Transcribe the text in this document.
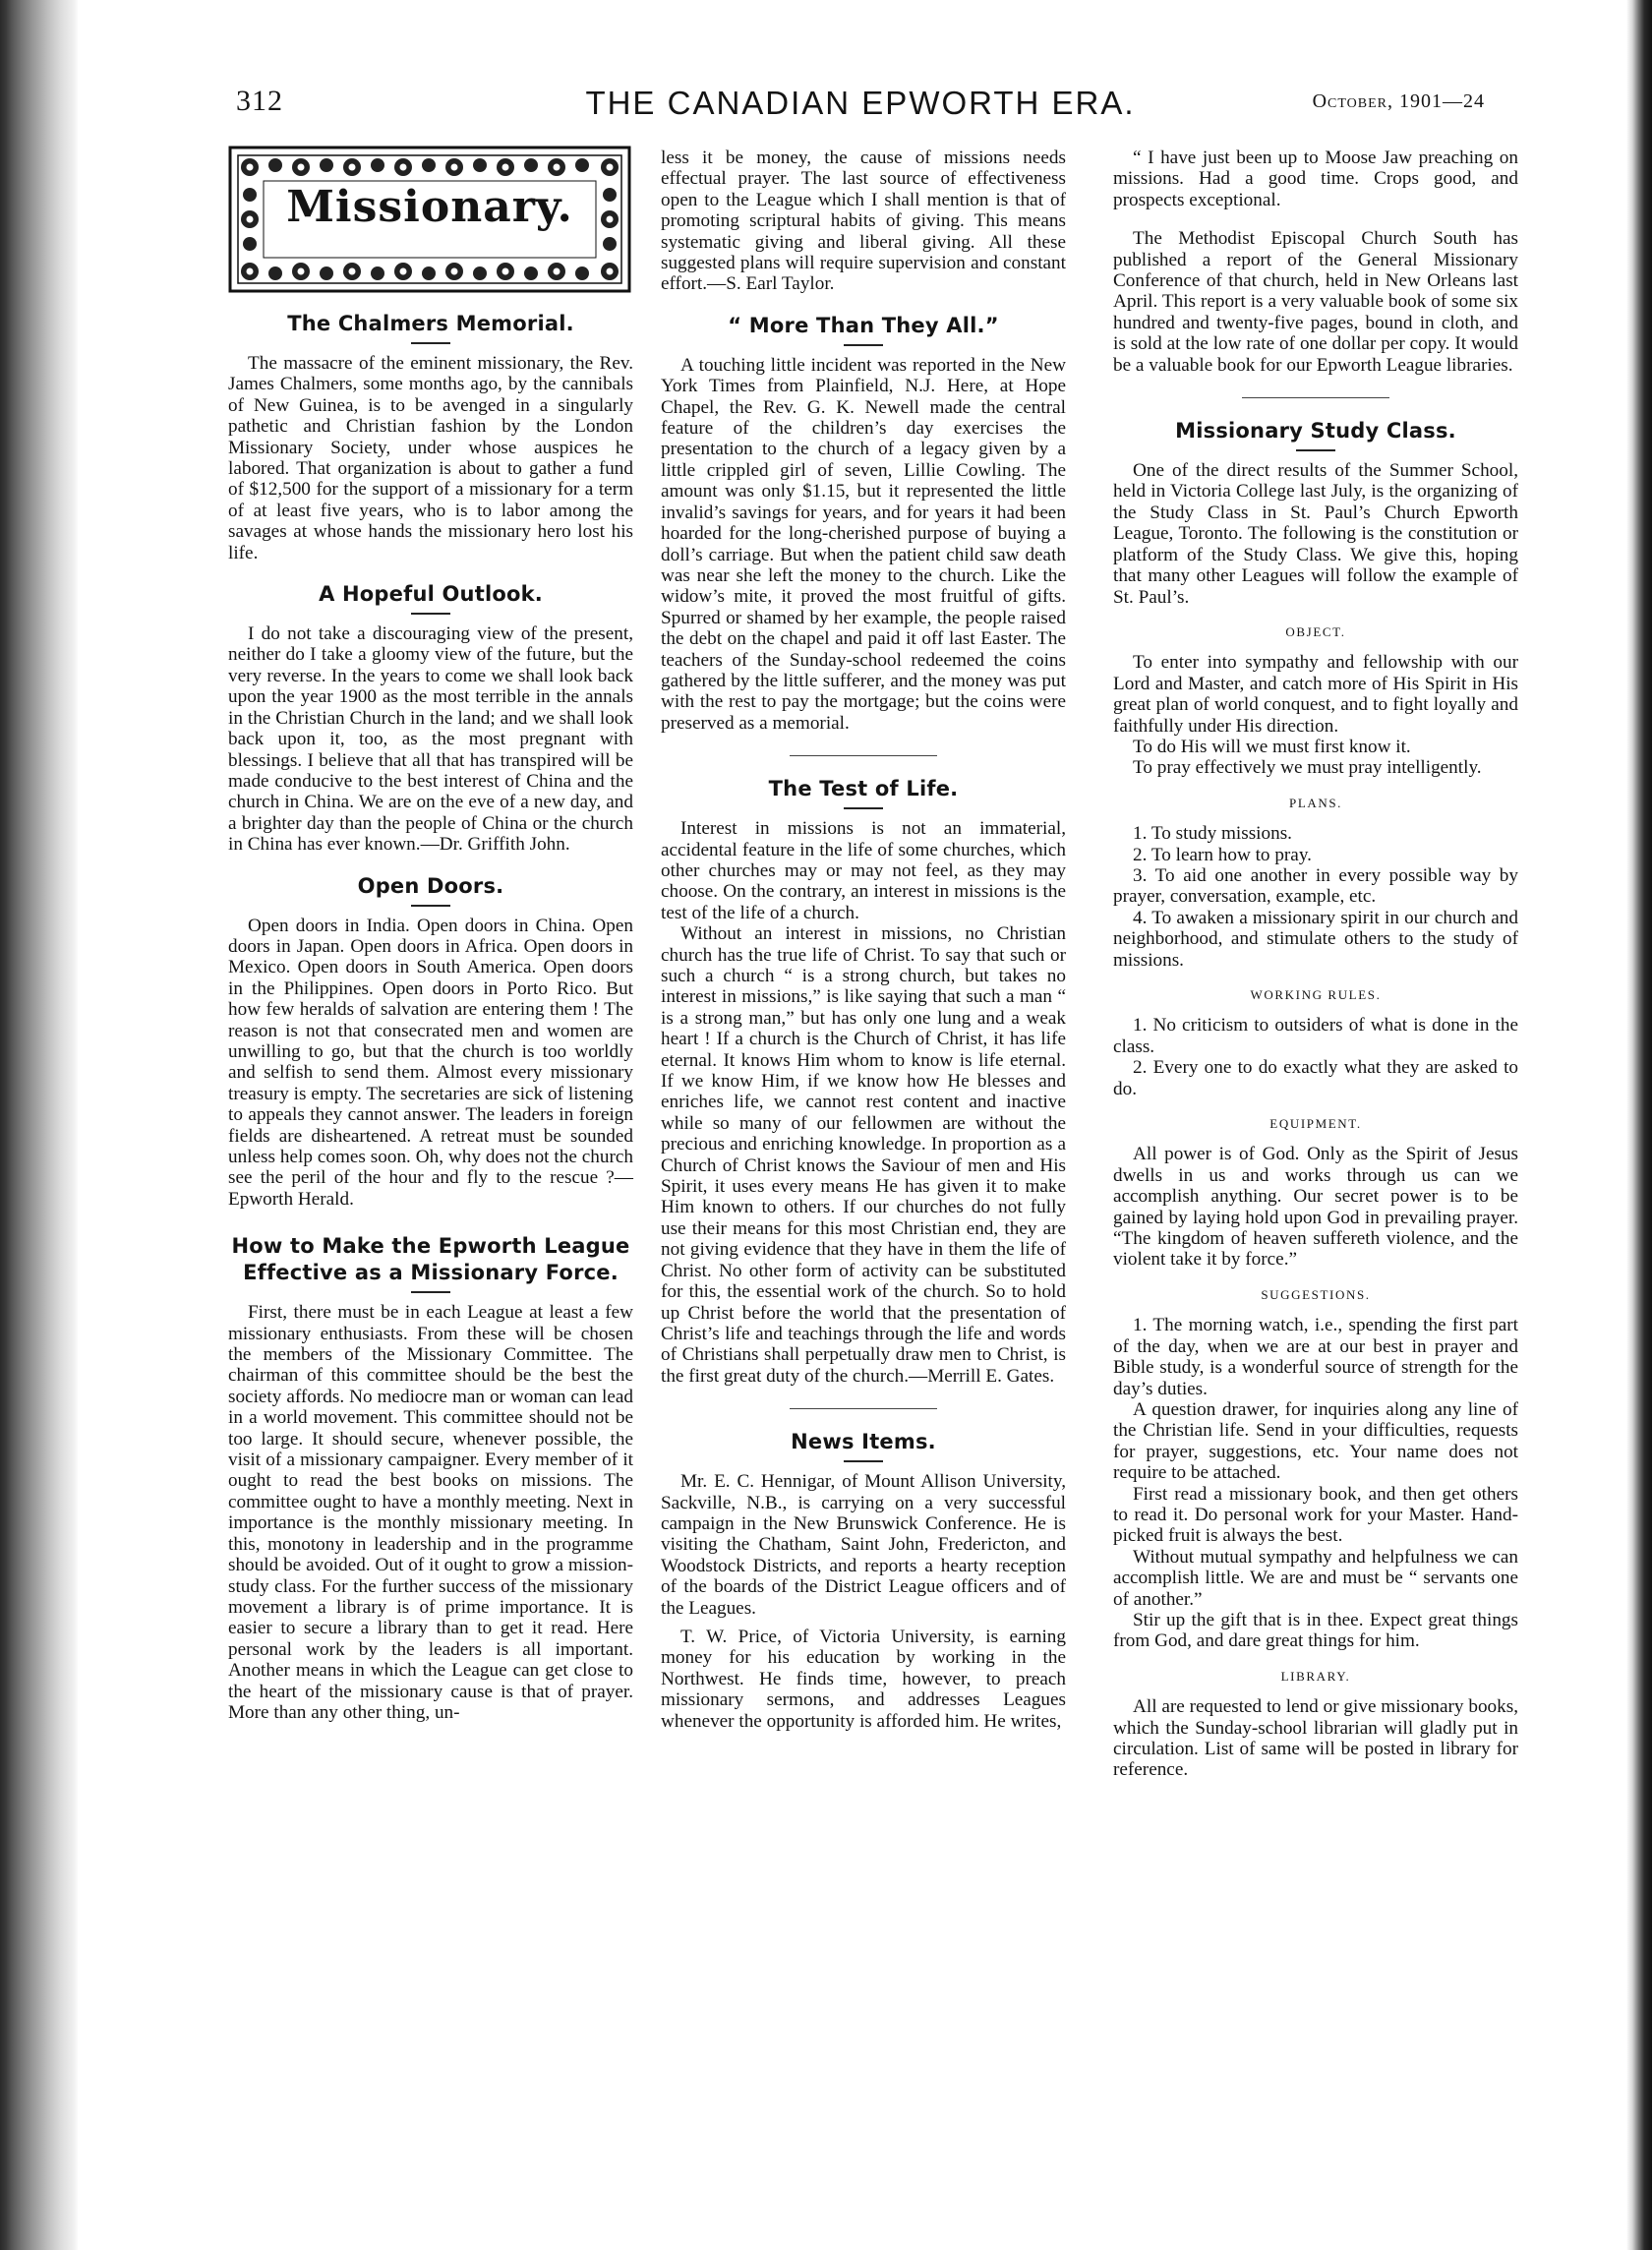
312	THE CANADIAN EPWORTH ERA.	October, 1901—24
Missionary.
The Chalmers Memorial.

The massacre of the eminent missionary, the Rev. James Chalmers, some months ago, by the cannibals of New Guinea, is to be avenged in a singularly pathetic and Christian fashion by the London Missionary Society, under whose auspices he labored. That organization is about to gather a fund of $12,500 for the support of a missionary for a term of at least five years, who is to labor among the savages at whose hands the missionary hero lost his life.

A Hopeful Outlook.

I do not take a discouraging view of the present, neither do I take a gloomy view of the future, but the very reverse. In the years to come we shall look back upon the year 1900 as the most terrible in the annals in the Christian Church in the land; and we shall look back upon it, too, as the most pregnant with blessings. I believe that all that has transpired will be made conducive to the best interest of China and the church in China. We are on the eve of a new day, and a brighter day than the people of China or the church in China has ever known.—Dr. Griffith John.

Open Doors.

Open doors in India. Open doors in China. Open doors in Japan. Open doors in Africa. Open doors in Mexico. Open doors in South America. Open doors in the Philippines. Open doors in Porto Rico. But how few heralds of salvation are entering them ! The reason is not that consecrated men and women are unwilling to go, but that the church is too worldly and selfish to send them. Almost every missionary treasury is empty. The secretaries are sick of listening to appeals they cannot answer. The leaders in foreign fields are disheartened. A retreat must be sounded unless help comes soon. Oh, why does not the church see the peril of the hour and fly to the rescue ?—Epworth Herald.

How to Make the Epworth League
Effective as a Missionary Force.

First, there must be in each League at least a few missionary enthusiasts. From these will be chosen the members of the Missionary Committee. The chairman of this committee should be the best the society affords. No mediocre man or woman can lead in a world movement. This committee should not be too large. It should secure, whenever possible, the visit of a missionary campaigner. Every member of it ought to read the best books on missions. The committee ought to have a monthly meeting. Next in importance is the monthly missionary meeting. In this, monotony in leadership and in the programme should be avoided. Out of it ought to grow a mission-study class. For the further success of the missionary movement a library is of prime importance. It is easier to secure a library than to get it read. Here personal work by the leaders is all important. Another means in which the League can get close to the heart of the missionary cause is that of prayer. More than any other thing, un-

less it be money, the cause of missions needs effectual prayer. The last source of effectiveness open to the League which I shall mention is that of promoting scriptural habits of giving. This means systematic giving and liberal giving. All these suggested plans will require supervision and constant effort.—S. Earl Taylor.

“ More Than They All.”

A touching little incident was reported in the New York Times from Plainfield, N.J. Here, at Hope Chapel, the Rev. G. K. Newell made the central feature of the children’s day exercises the presentation to the church of a legacy given by a little crippled girl of seven, Lillie Cowling. The amount was only $1.15, but it represented the little invalid’s savings for years, and for years it had been hoarded for the long-cherished purpose of buying a doll’s carriage. But when the patient child saw death was near she left the money to the church. Like the widow’s mite, it proved the most fruitful of gifts. Spurred or shamed by her example, the people raised the debt on the chapel and paid it off last Easter. The teachers of the Sunday-school redeemed the coins gathered by the little sufferer, and the money was put with the rest to pay the mortgage; but the coins were preserved as a memorial.

The Test of Life.

Interest in missions is not an immaterial, accidental feature in the life of some churches, which other churches may or may not feel, as they may choose. On the contrary, an interest in missions is the test of the life of a church.

Without an interest in missions, no Christian church has the true life of Christ. To say that such or such a church “ is a strong church, but takes no interest in missions,” is like saying that such a man “ is a strong man,” but has only one lung and a weak heart ! If a church is the Church of Christ, it has life eternal. It knows Him whom to know is life eternal. If we know Him, if we know how He blesses and enriches life, we cannot rest content and inactive while so many of our fellowmen are without the precious and enriching knowledge. In proportion as a Church of Christ knows the Saviour of men and His Spirit, it uses every means He has given it to make Him known to others. If our churches do not fully use their means for this most Christian end, they are not giving evidence that they have in them the life of Christ. No other form of activity can be substituted for this, the essential work of the church. So to hold up Christ before the world that the presentation of Christ’s life and teachings through the life and words of Christians shall perpetually draw men to Christ, is the first great duty of the church.—Merrill E. Gates.

News Items.

Mr. E. C. Hennigar, of Mount Allison University, Sackville, N.B., is carrying on a very successful campaign in the New Brunswick Conference. He is visiting the Chatham, Saint John, Fredericton, and Woodstock Districts, and reports a hearty reception of the boards of the District League officers and of the Leagues.

T. W. Price, of Victoria University, is earning money for his education by working in the Northwest. He finds time, however, to preach missionary sermons, and addresses Leagues whenever the opportunity is afforded him. He writes,

“ I have just been up to Moose Jaw preaching on missions. Had a good time. Crops good, and prospects exceptional.

The Methodist Episcopal Church South has published a report of the General Missionary Conference of that church, held in New Orleans last April. This report is a very valuable book of some six hundred and twenty-five pages, bound in cloth, and is sold at the low rate of one dollar per copy. It would be a valuable book for our Epworth League libraries.

Missionary Study Class.

One of the direct results of the Summer School, held in Victoria College last July, is the organizing of the Study Class in St. Paul’s Church Epworth League, Toronto. The following is the constitution or platform of the Study Class. We give this, hoping that many other Leagues will follow the example of St. Paul’s.

OBJECT.

To enter into sympathy and fellowship with our Lord and Master, and catch more of His Spirit in His great plan of world conquest, and to fight loyally and faithfully under His direction.

To do His will we must first know it.

To pray effectively we must pray intelligently.

PLANS.

1. To study missions.

2. To learn how to pray.

3. To aid one another in every possible way by prayer, conversation, example, etc.

4. To awaken a missionary spirit in our church and neighborhood, and stimulate others to the study of missions.

WORKING RULES.

1. No criticism to outsiders of what is done in the class.

2. Every one to do exactly what they are asked to do.

EQUIPMENT.

All power is of God. Only as the Spirit of Jesus dwells in us and works through us can we accomplish anything. Our secret power is to be gained by laying hold upon God in prevailing prayer. “The kingdom of heaven suffereth violence, and the violent take it by force.”

SUGGESTIONS.

1. The morning watch, i.e., spending the first part of the day, when we are at our best in prayer and Bible study, is a wonderful source of strength for the day’s duties.

A question drawer, for inquiries along any line of the Christian life. Send in your difficulties, requests for prayer, suggestions, etc. Your name does not require to be attached.

First read a missionary book, and then get others to read it. Do personal work for your Master. Hand-picked fruit is always the best.

Without mutual sympathy and helpfulness we can accomplish little. We are and must be “ servants one of another.”

Stir up the gift that is in thee. Expect great things from God, and dare great things for him.

LIBRARY.

All are requested to lend or give missionary books, which the Sunday-school librarian will gladly put in circulation. List of same will be posted in library for reference.
